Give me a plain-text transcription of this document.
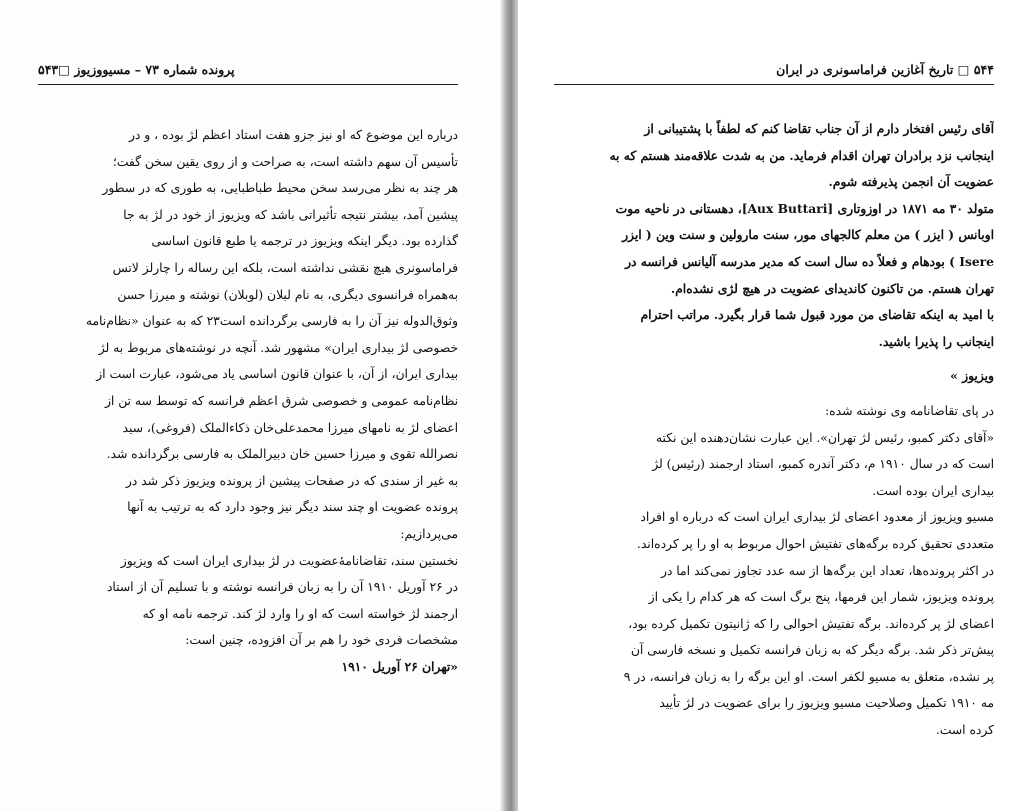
پرونده شماره ۷۳ – مسیووزیوز □۵۴۳
درباره این موضوع که او نیز جزو هفت استاد اعظم لژ بوده ، و در
تأسیس آن سهم داشته است، به صراحت و از روی یقین سخن گفت؛
هر چند به نظر می‌رسد سخن محیط طباطبایی، به طوری که در سطور
پیشین آمد، بیشتر نتیجه تأثیراتی باشد که ویزیوز از خود در لژ به جا
گذارده بود. دیگر اینکه ویزیوز در ترجمه یا طبع قانون اساسی
فراماسونری هیچ نقشی نداشته است، بلکه این رساله را چارلز لاتس
به‌همراه فرانسوی دیگری، به نام لبلان (لوبلان) نوشته و میرزا حسن
وثوق‌الدوله نیز آن را به فارسی برگردانده است۲۳ که به عنوان «نظام‌نامه
خصوصی لژ بیداری ایران» مشهور شد. آنچه در نوشته‌های مربوط به لژ
بیداری ایران، از آن، با عنوان قانون اساسی یاد می‌شود، عبارت است از
نظام‌نامه عمومی و خصوصی شرق اعظم فرانسه که توسط سه تن از
اعضای لژ به نامهای میرزا محمدعلی‌خان ذکاء‌الملک (فروغی)، سید
نصرالله تقوی و میرزا حسین خان دبیرالملک به فارسی برگردانده شد.
به غیر از سندی که در صفحات پیشین از پرونده ویزیوز ذکر شد در
پرونده عضویت او چند سند دیگر نیز وجود دارد که به ترتیب به آنها
می‌پردازیم:
نخستین سند، تقاضانامهٔ‌عضویت در لژ بیداری ایران است که ویزیوز
در ۲۶ آوریل ۱۹۱۰ آن را به زبان فرانسه نوشته و با تسلیم آن از استاد
ارجمند لژ خواسته است که او را وارد لژ کند. ترجمه نامه او که
مشخصات فردی خود را هم بر آن افزوده، چنین است:
«تهران ۲۶ آوریل ۱۹۱۰
۵۴۴ □ تاریخ آغازین فراماسونری در ایران
آقای رئیس افتخار دارم از آن جناب تقاضا کنم که لطفاً با پشتیبانی از
اینجانب نزد برادران تهران اقدام فرماید. من به شدت علاقه‌مند هستم که به
عضویت آن انجمن پذیرفته شوم.
متولد ۳۰ مه ۱۸۷۱ در اوزوتاری [Aux Buttari]، دهستانی در ناحیه موت
اوبانس ( ایزر ) من معلم کالجهای مور، سنت مارولین و سنت وین ( ایزر
Isere ) بودهام و فعلاً ده سال است که مدیر مدرسه آلیانس فرانسه در
تهران هستم. من تاکنون کاندیدای عضویت در هیچ لژی نشده‌ام.
با امید به اینکه تقاضای من مورد قبول شما قرار بگیرد. مراتب احترام
اینجانب را پذیرا باشید.
ویزیوز »
در پای تقاضانامه وی نوشته شده:
«آقای دکتر کمبو، رئیس لژ تهران». این عبارت نشان‌دهنده این نکته
است که در سال ۱۹۱۰ م، دکتر آندره کمبو، استاد ارجمند (رئیس) لژ
بیداری ایران بوده است.
مسیو ویزیوز از معدود اعضای لژ بیداری ایران است که درباره او افراد
متعددی تحقیق کرده برگه‌های تفتیش احوال مربوط به او را پر کرده‌اند.
در اکثر پرونده‌ها، تعداد این برگه‌ها از سه عدد تجاوز نمی‌کند اما در
پرونده ویزیوز، شمار این فرمها، پنج برگ است که هر کدام را یکی از
اعضای لژ پر کرده‌اند. برگه تفتیش احوالی را که ژانیتون تکمیل کرده بود،
پیش‌تر ذکر شد. برگه دیگر که به زبان فرانسه تکمیل و نسخه فارسی آن
پر نشده، متعلق به مسیو لکفر است. او این برگه را به زبان فرانسه، در ۹
مه ۱۹۱۰ تکمیل وصلاحیت مسیو ویزیوز را برای عضویت در لژ تأیید
کرده است.
